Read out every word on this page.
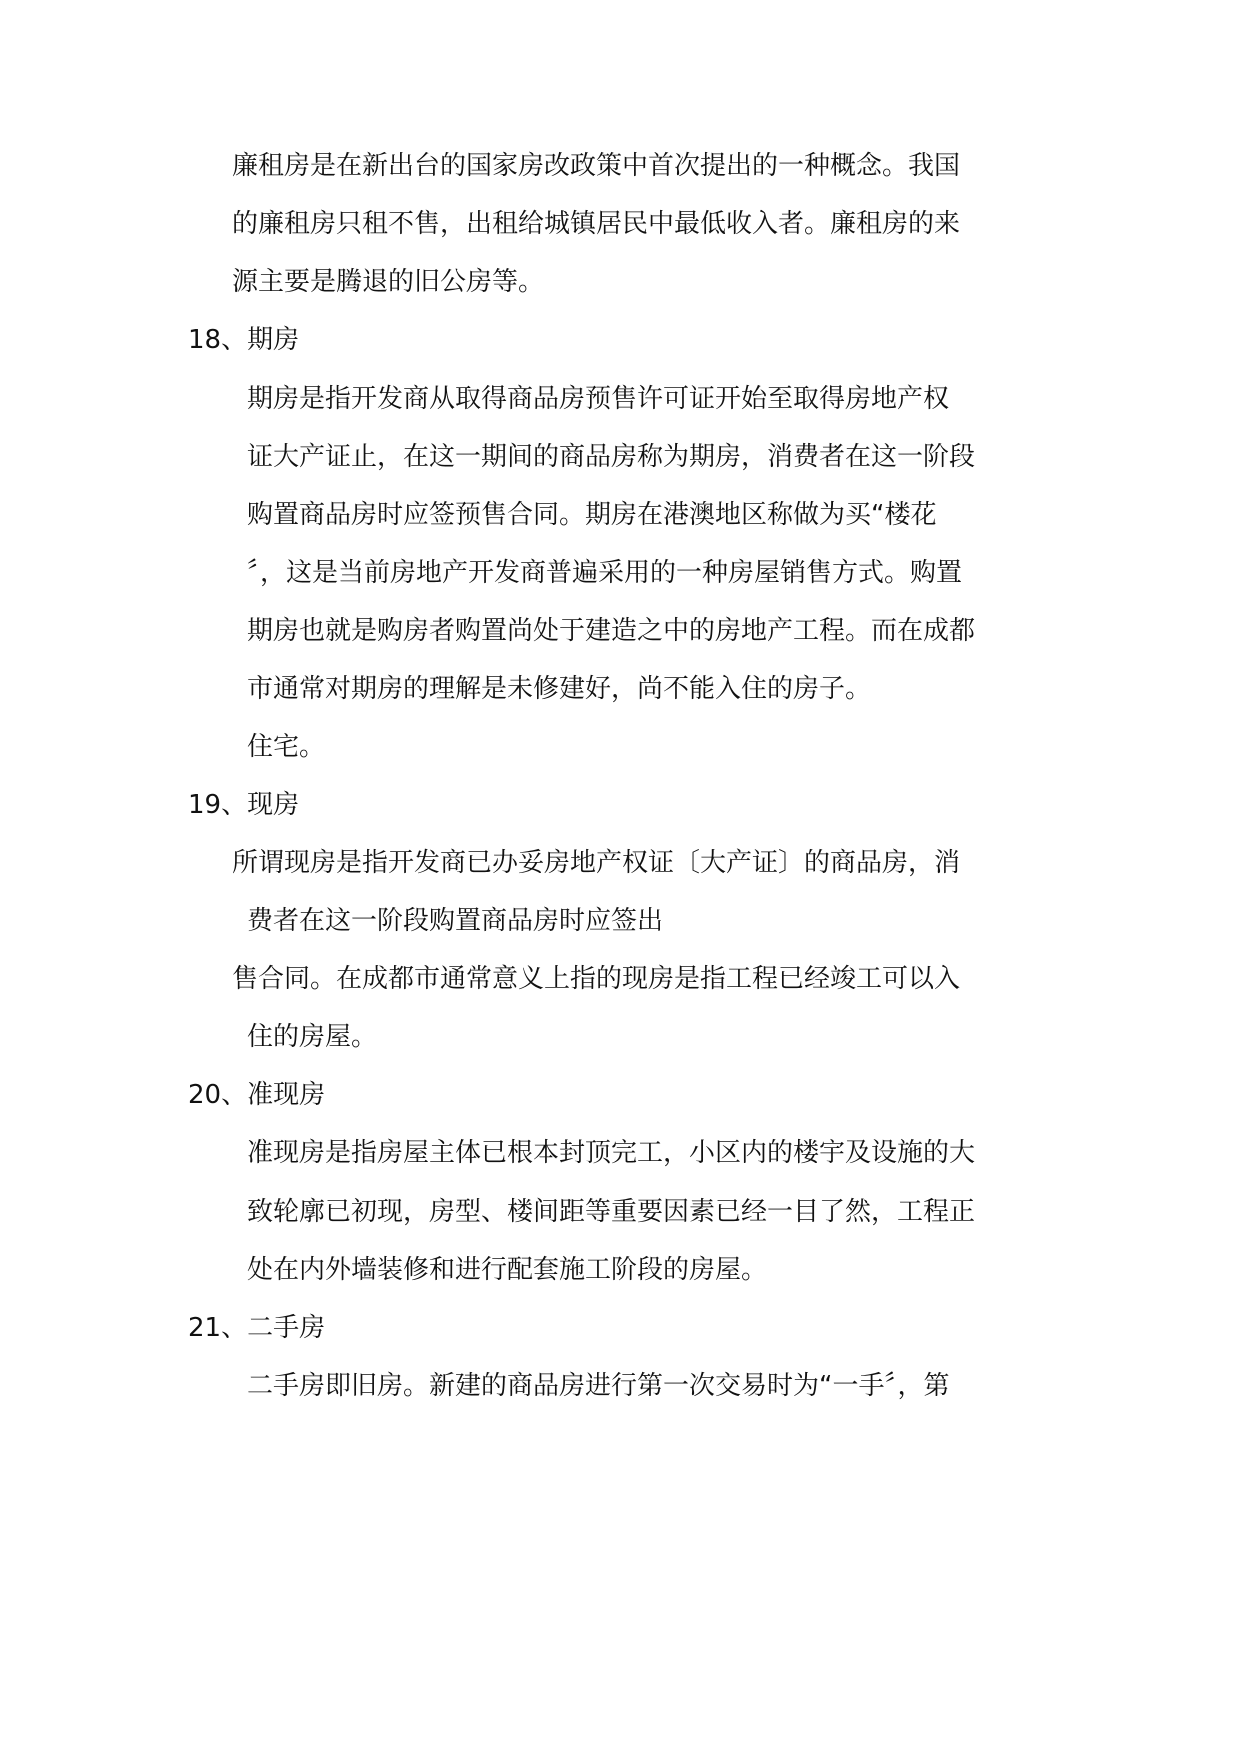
廉租房是在新出台的国家房改政策中首次提出的一种概念。我国
的廉租房只租不售，出租给城镇居民中最低收入者。廉租房的来
源主要是腾退的旧公房等。
18、期房
期房是指开发商从取得商品房预售许可证开始至取得房地产权
证大产证止，在这一期间的商品房称为期房，消费者在这一阶段
购置商品房时应签预售合同。期房在港澳地区称做为买“楼花
〞，这是当前房地产开发商普遍采用的一种房屋销售方式。购置
期房也就是购房者购置尚处于建造之中的房地产工程。而在成都
市通常对期房的理解是未修建好，尚不能入住的房子。
住宅。
19、现房
所谓现房是指开发商已办妥房地产权证〔大产证〕的商品房，消
费者在这一阶段购置商品房时应签出
售合同。在成都市通常意义上指的现房是指工程已经竣工可以入
住的房屋。
20、准现房
准现房是指房屋主体已根本封顶完工，小区内的楼宇及设施的大
致轮廓已初现，房型、楼间距等重要因素已经一目了然，工程正
处在内外墙装修和进行配套施工阶段的房屋。
21、二手房
二手房即旧房。新建的商品房进行第一次交易时为“一手〞，第
